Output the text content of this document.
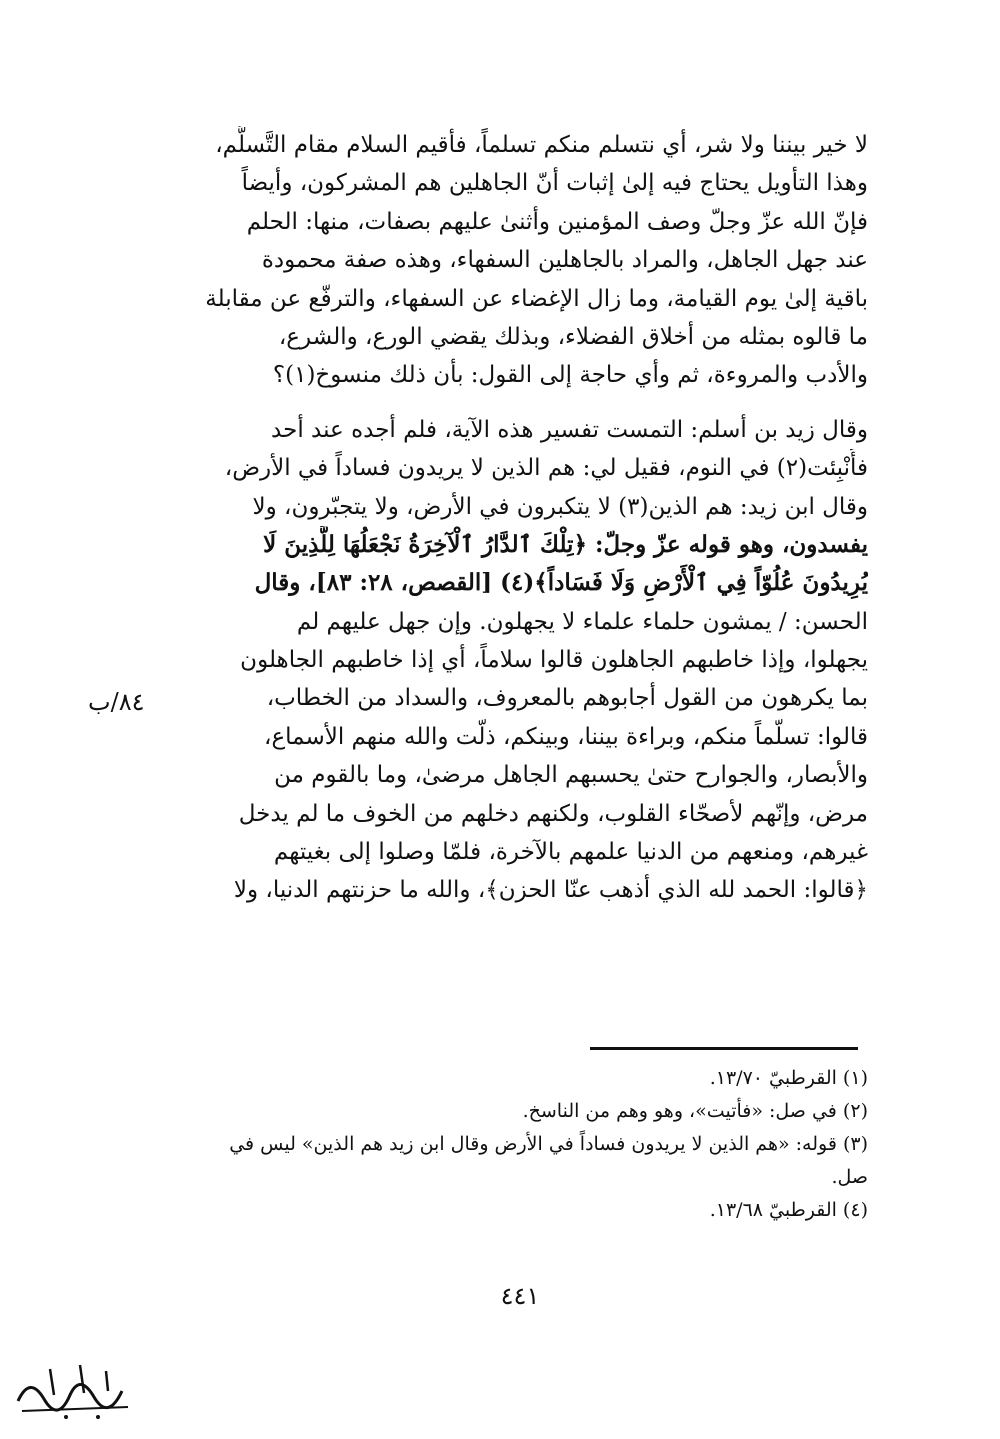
لا خير بيننا ولا شر، أي نتسلم منكم تسلماً، فأقيم السلام مقام التَّسلُّم،
وهذا التأويل يحتاج فيه إلىٰ إثبات أنّ الجاهلين هم المشركون، وأيضاً
فإنّ الله عزّ وجلّ وصف المؤمنين وأثنىٰ عليهم بصفات، منها: الحلم
عند جهل الجاهل، والمراد بالجاهلين السفهاء، وهذه صفة محمودة
باقية إلىٰ يوم القيامة، وما زال الإغضاء عن السفهاء، والترفّع عن مقابلة
ما قالوه بمثله من أخلاق الفضلاء، وبذلك يقضي الورع، والشرع،
والأدب والمروءة، ثم وأي حاجة إلى القول: بأن ذلك منسوخ(١)؟
وقال زيد بن أسلم: التمست تفسير هذه الآية، فلم أجده عند أحد
فأُنْبِئت(٢) في النوم، فقيل لي: هم الذين لا يريدون فساداً في الأرض،
وقال ابن زيد: هم الذين(٣) لا يتكبرون في الأرض، ولا يتجبّرون، ولا
يفسدون، وهو قوله عزّ وجلّ: ﴿تِلْكَ ٱلدَّارُ ٱلْآخِرَةُ نَجْعَلُهَا لِلَّذِينَ لَا
يُرِيدُونَ عُلُوّاً فِي ٱلْأَرْضِ وَلَا فَسَاداً﴾(٤) [القصص، ٢٨: ٨٣]، وقال
الحسن: / يمشون حلماء علماء لا يجهلون. وإن جهل عليهم لم
يجهلوا، وإذا خاطبهم الجاهلون قالوا سلاماً، أي إذا خاطبهم الجاهلون
بما يكرهون من القول أجابوهم بالمعروف، والسداد من الخطاب،
قالوا: تسلّماً منكم، وبراءة بيننا، وبينكم، ذلّت والله منهم الأسماع،
والأبصار، والجوارح حتىٰ يحسبهم الجاهل مرضىٰ، وما بالقوم من
مرض، وإنّهم لأصحّاء القلوب، ولكنهم دخلهم من الخوف ما لم يدخل
غيرهم، ومنعهم من الدنيا علمهم بالآخرة، فلمّا وصلوا إلى بغيتهم
﴿قالوا: الحمد لله الذي أذهب عنّا الحزن﴾، والله ما حزنتهم الدنيا، ولا
٨٤/ب
(١) القرطبيّ ١٣/٧٠.
(٢) في صل: «فأتيت»، وهو وهم من الناسخ.
(٣) قوله: «هم الذين لا يريدون فساداً في الأرض وقال ابن زيد هم الذين» ليس في
صل.
(٤) القرطبيّ ١٣/٦٨.
٤٤١
